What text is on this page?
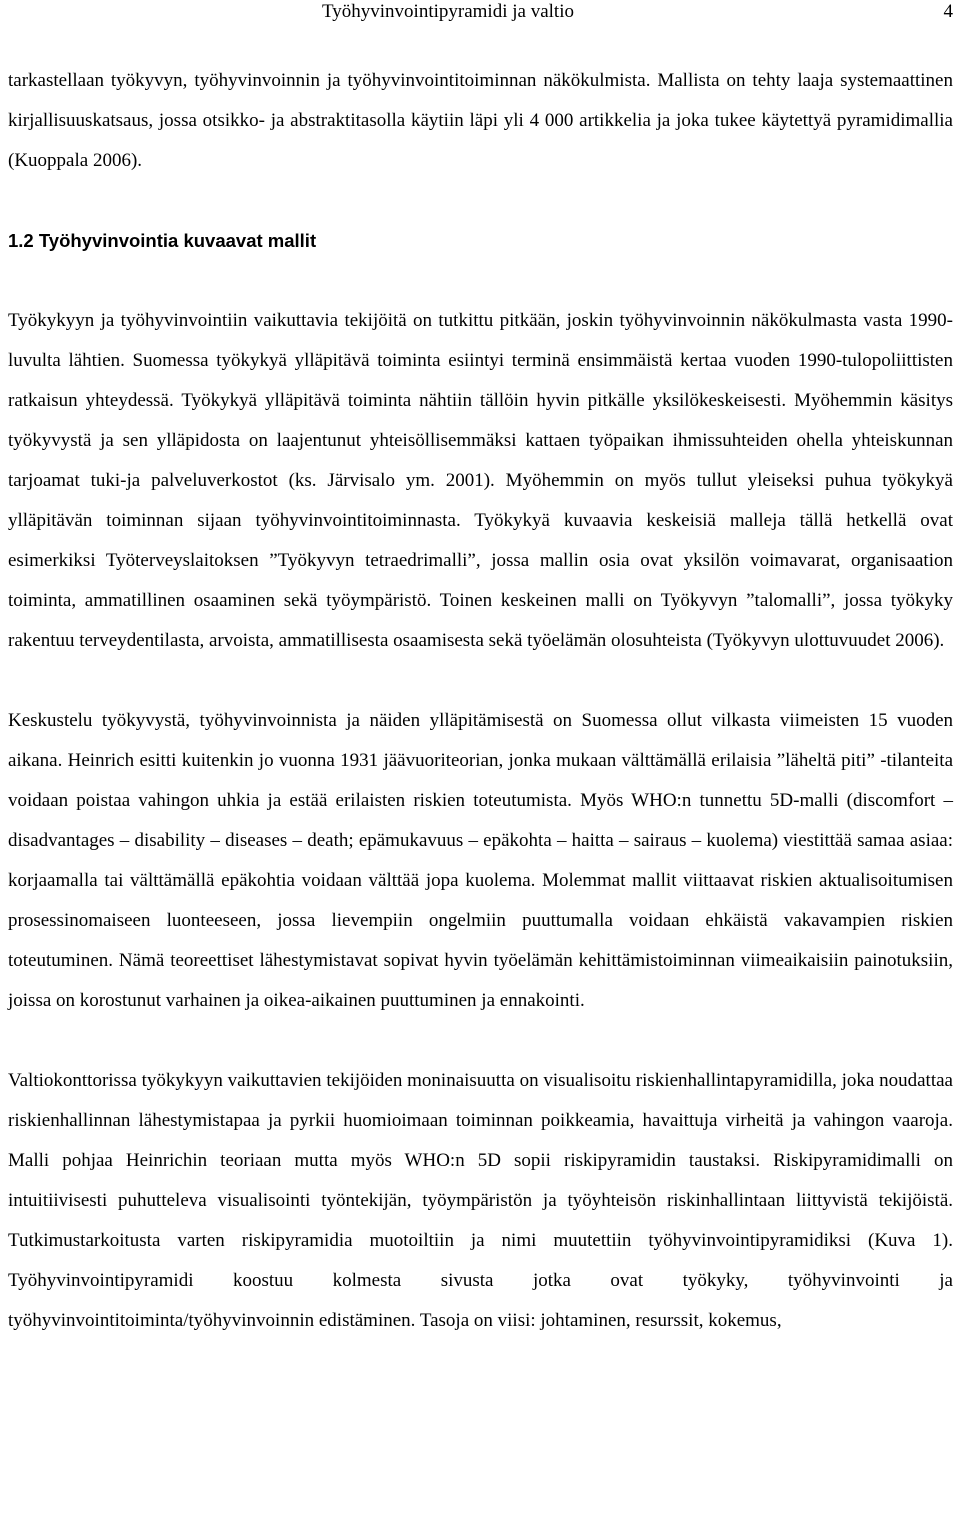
Työhyvinvointipyramidi ja valtio	4

tarkastellaan työkyvyn, työhyvinvoinnin ja työhyvinvointitoiminnan näkökulmista. Mallista on tehty laaja systemaattinen kirjallisuuskatsaus, jossa otsikko- ja abstraktitasolla käytiin läpi yli 4 000 artikkelia ja joka tukee käytettyä pyramidimallia (Kuoppala 2006).

1.2 Työhyvinvointia kuvaavat mallit

Työkykyyn ja työhyvinvointiin vaikuttavia tekijöitä on tutkittu pitkään, joskin työhyvinvoinnin näkökulmasta vasta 1990-luvulta lähtien. Suomessa työkykyä ylläpitävä toiminta esiintyi terminä ensimmäistä kertaa vuoden 1990-tulopoliittisten ratkaisun yhteydessä. Työkykyä ylläpitävä toiminta nähtiin tällöin hyvin pitkälle yksilökeskeisesti. Myöhemmin käsitys työkyvystä ja sen ylläpidosta on laajentunut yhteisöllisemmäksi kattaen työpaikan ihmissuhteiden ohella yhteiskunnan tarjoamat tuki-ja palveluverkostot (ks. Järvisalo ym. 2001). Myöhemmin on myös tullut yleiseksi puhua työkykyä ylläpitävän toiminnan sijaan työhyvinvointitoiminnasta. Työkykyä kuvaavia keskeisiä malleja tällä hetkellä ovat esimerkiksi Työterveyslaitoksen ”Työkyvyn tetraedrimalli”, jossa mallin osia ovat yksilön voimavarat, organisaation toiminta, ammatillinen osaaminen sekä työympäristö. Toinen keskeinen malli on Työkyvyn ”talomalli”, jossa työkyky rakentuu terveydentilasta, arvoista, ammatillisesta osaamisesta sekä työelämän olosuhteista (Työkyvyn ulottuvuudet 2006).

Keskustelu työkyvystä, työhyvinvoinnista ja näiden ylläpitämisestä on Suomessa ollut vilkasta viimeisten 15 vuoden aikana. Heinrich esitti kuitenkin jo vuonna 1931 jäävuoriteorian, jonka mukaan välttämällä erilaisia ”läheltä piti” -tilanteita voidaan poistaa vahingon uhkia ja estää erilaisten riskien toteutumista. Myös WHO:n tunnettu 5D-malli (discomfort – disadvantages – disability – diseases – death; epämukavuus – epäkohta – haitta – sairaus – kuolema) viestittää samaa asiaa: korjaamalla tai välttämällä epäkohtia voidaan välttää jopa kuolema. Molemmat mallit viittaavat riskien aktualisoitumisen prosessinomaiseen luonteeseen, jossa lievempiin ongelmiin puuttumalla voidaan ehkäistä vakavampien riskien toteutuminen. Nämä teoreettiset lähestymistavat sopivat hyvin työelämän kehittämistoiminnan viimeaikaisiin painotuksiin, joissa on korostunut varhainen ja oikea-aikainen puuttuminen ja ennakointi.

Valtiokonttorissa työkykyyn vaikuttavien tekijöiden moninaisuutta on visualisoitu riskienhallintapyramidilla, joka noudattaa riskienhallinnan lähestymistapaa ja pyrkii huomioimaan toiminnan poikkeamia, havaittuja virheitä ja vahingon vaaroja. Malli pohjaa Heinrichin teoriaan mutta myös WHO:n 5D sopii riskipyramidin taustaksi. Riskipyramidimalli on intuitiivisesti puhutteleva visualisointi työntekijän, työympäristön ja työyhteisön riskinhallintaan liittyvistä tekijöistä. Tutkimustarkoitusta varten riskipyramidia muotoiltiin ja nimi muutettiin työhyvinvointipyramidiksi (Kuva 1). Työhyvinvointipyramidi koostuu kolmesta sivusta jotka ovat työkyky, työhyvinvointi ja työhyvinvointitoiminta/työhyvinvoinnin edistäminen. Tasoja on viisi: johtaminen, resurssit, kokemus,
